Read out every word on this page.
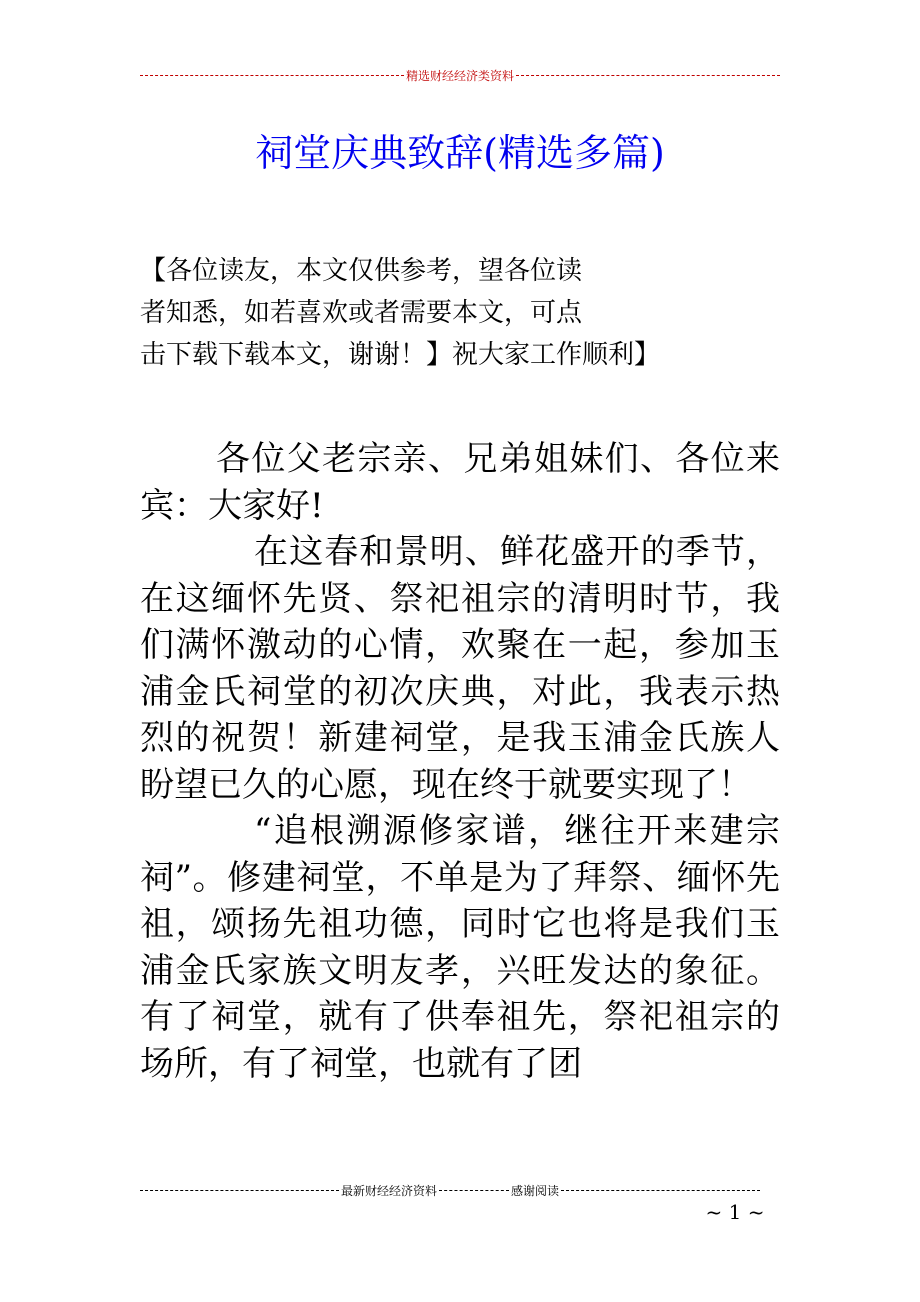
精选财经经济类资料
祠堂庆典致辞(精选多篇)
【各位读友，本文仅供参考，望各位读
者知悉，如若喜欢或者需要本文，可点
击下载下载本文，谢谢！】祝大家工作顺利】

各位父老宗亲、兄弟姐妹们、各位来宾：大家好!

在这春和景明、鲜花盛开的季节，在这缅怀先贤、祭祀祖宗的清明时节，我们满怀激动的心情，欢聚在一起，参加玉浦金氏祠堂的初次庆典，对此，我表示热烈的祝贺！新建祠堂，是我玉浦金氏族人盼望已久的心愿，现在终于就要实现了！

“追根溯源修家谱，继往开来建宗祠”。修建祠堂，不单是为了拜祭、缅怀先祖，颂扬先祖功德，同时它也将是我们玉浦金氏家族文明友孝，兴旺发达的象征。有了祠堂，就有了供奉祖先，祭祀祖宗的场所，有了祠堂，也就有了团

最新财经经济资料	感谢阅读
~ 1 ~
